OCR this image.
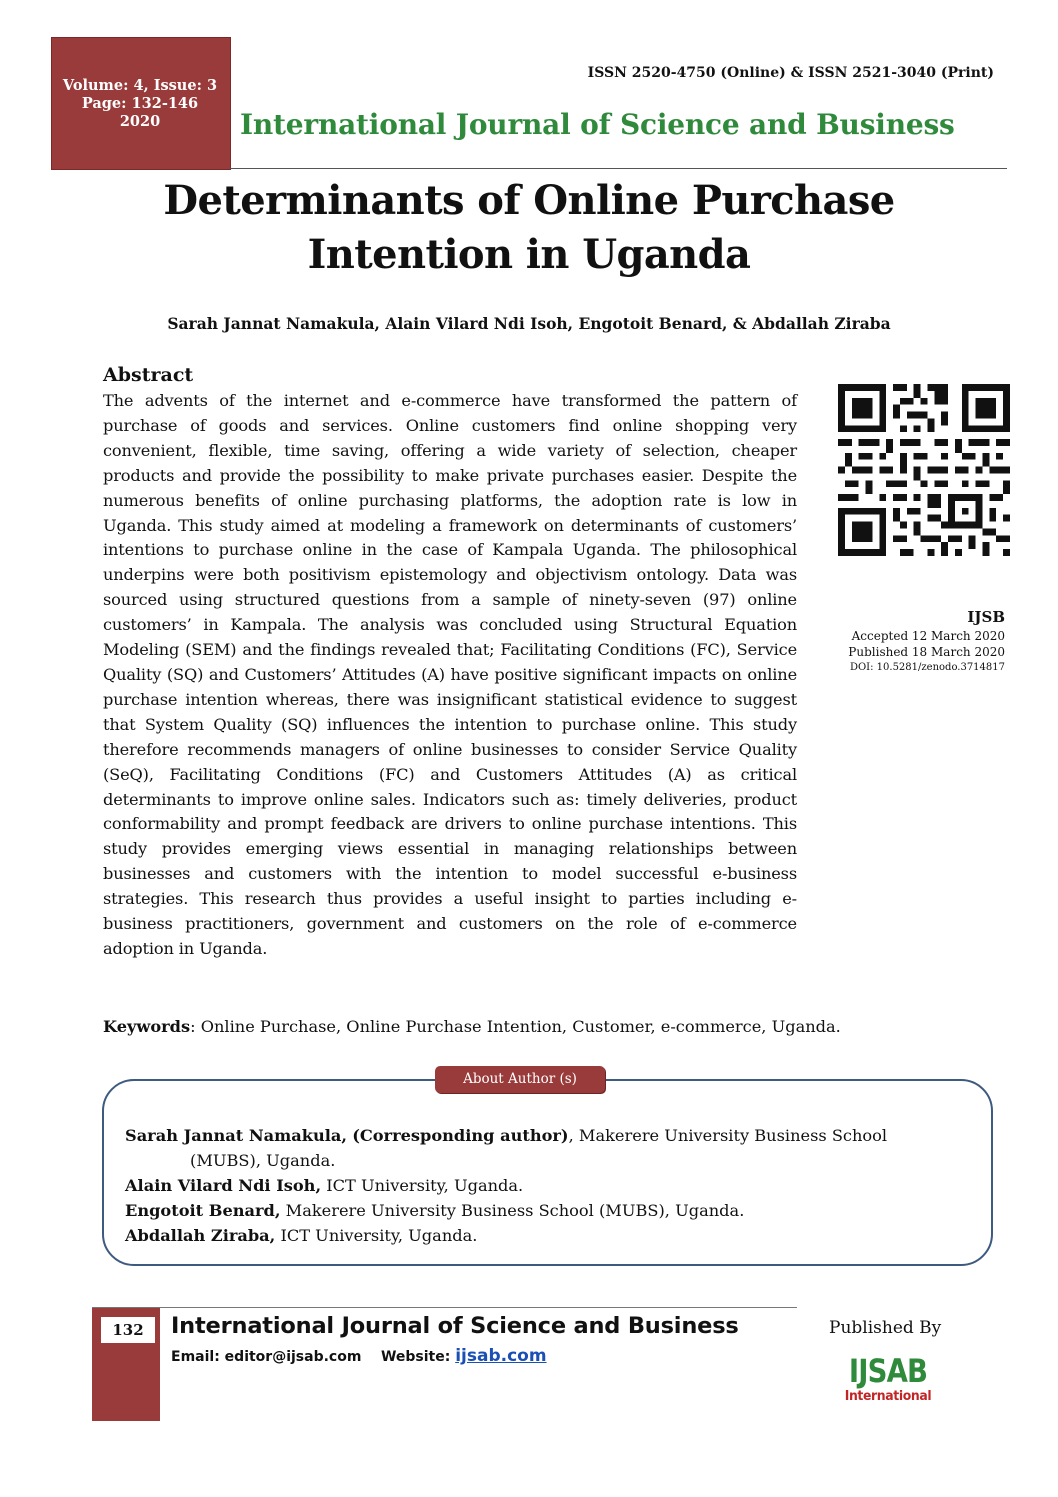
Volume: 4, Issue: 3
Page: 132-146
2020
ISSN 2520-4750 (Online) & ISSN 2521-3040 (Print)
International Journal of Science and Business
Determinants of Online Purchase
Intention in Uganda
Sarah Jannat Namakula, Alain Vilard Ndi Isoh, Engotoit Benard, & Abdallah Ziraba
Abstract
The advents of the internet and e-commerce have transformed the pattern of purchase of goods and services. Online customers find online shopping very convenient, flexible, time saving, offering a wide variety of selection, cheaper products and provide the possibility to make private purchases easier. Despite the numerous benefits of online purchasing platforms, the adoption rate is low in Uganda. This study aimed at modeling a framework on determinants of customers’ intentions to purchase online in the case of Kampala Uganda. The philosophical underpins were both positivism epistemology and objectivism ontology. Data was sourced using structured questions from a sample of ninety-seven (97) online customers’ in Kampala. The analysis was concluded using Structural Equation Modeling (SEM) and the findings revealed that; Facilitating Conditions (FC), Service Quality (SQ) and Customers’ Attitudes (A) have positive significant impacts on online purchase intention whereas, there was insignificant statistical evidence to suggest that System Quality (SQ) influences the intention to purchase online. This study therefore recommends managers of online businesses to consider Service Quality (SeQ), Facilitating Conditions (FC) and Customers Attitudes (A) as critical determinants to improve online sales. Indicators such as: timely deliveries, product conformability and prompt feedback are drivers to online purchase intentions. This study provides emerging views essential in managing relationships between businesses and customers with the intention to model successful e-business strategies. This research thus provides a useful insight to parties including e-business practitioners, government and customers on the role of e-commerce adoption in Uganda.
IJSB
Accepted 12 March 2020
Published 18 March 2020
DOI: 10.5281/zenodo.3714817
Keywords: Online Purchase, Online Purchase Intention, Customer, e-commerce, Uganda.
About Author (s)
Sarah Jannat Namakula, (Corresponding author), Makerere University Business School
(MUBS), Uganda.
Alain Vilard Ndi Isoh, ICT University, Uganda.
Engotoit Benard, Makerere University Business School (MUBS), Uganda.
Abdallah Ziraba, ICT University, Uganda.
132	International Journal of Science and Business
Email: editor@ijsab.com Website: ijsab.com
Published By
IJSAB
International
